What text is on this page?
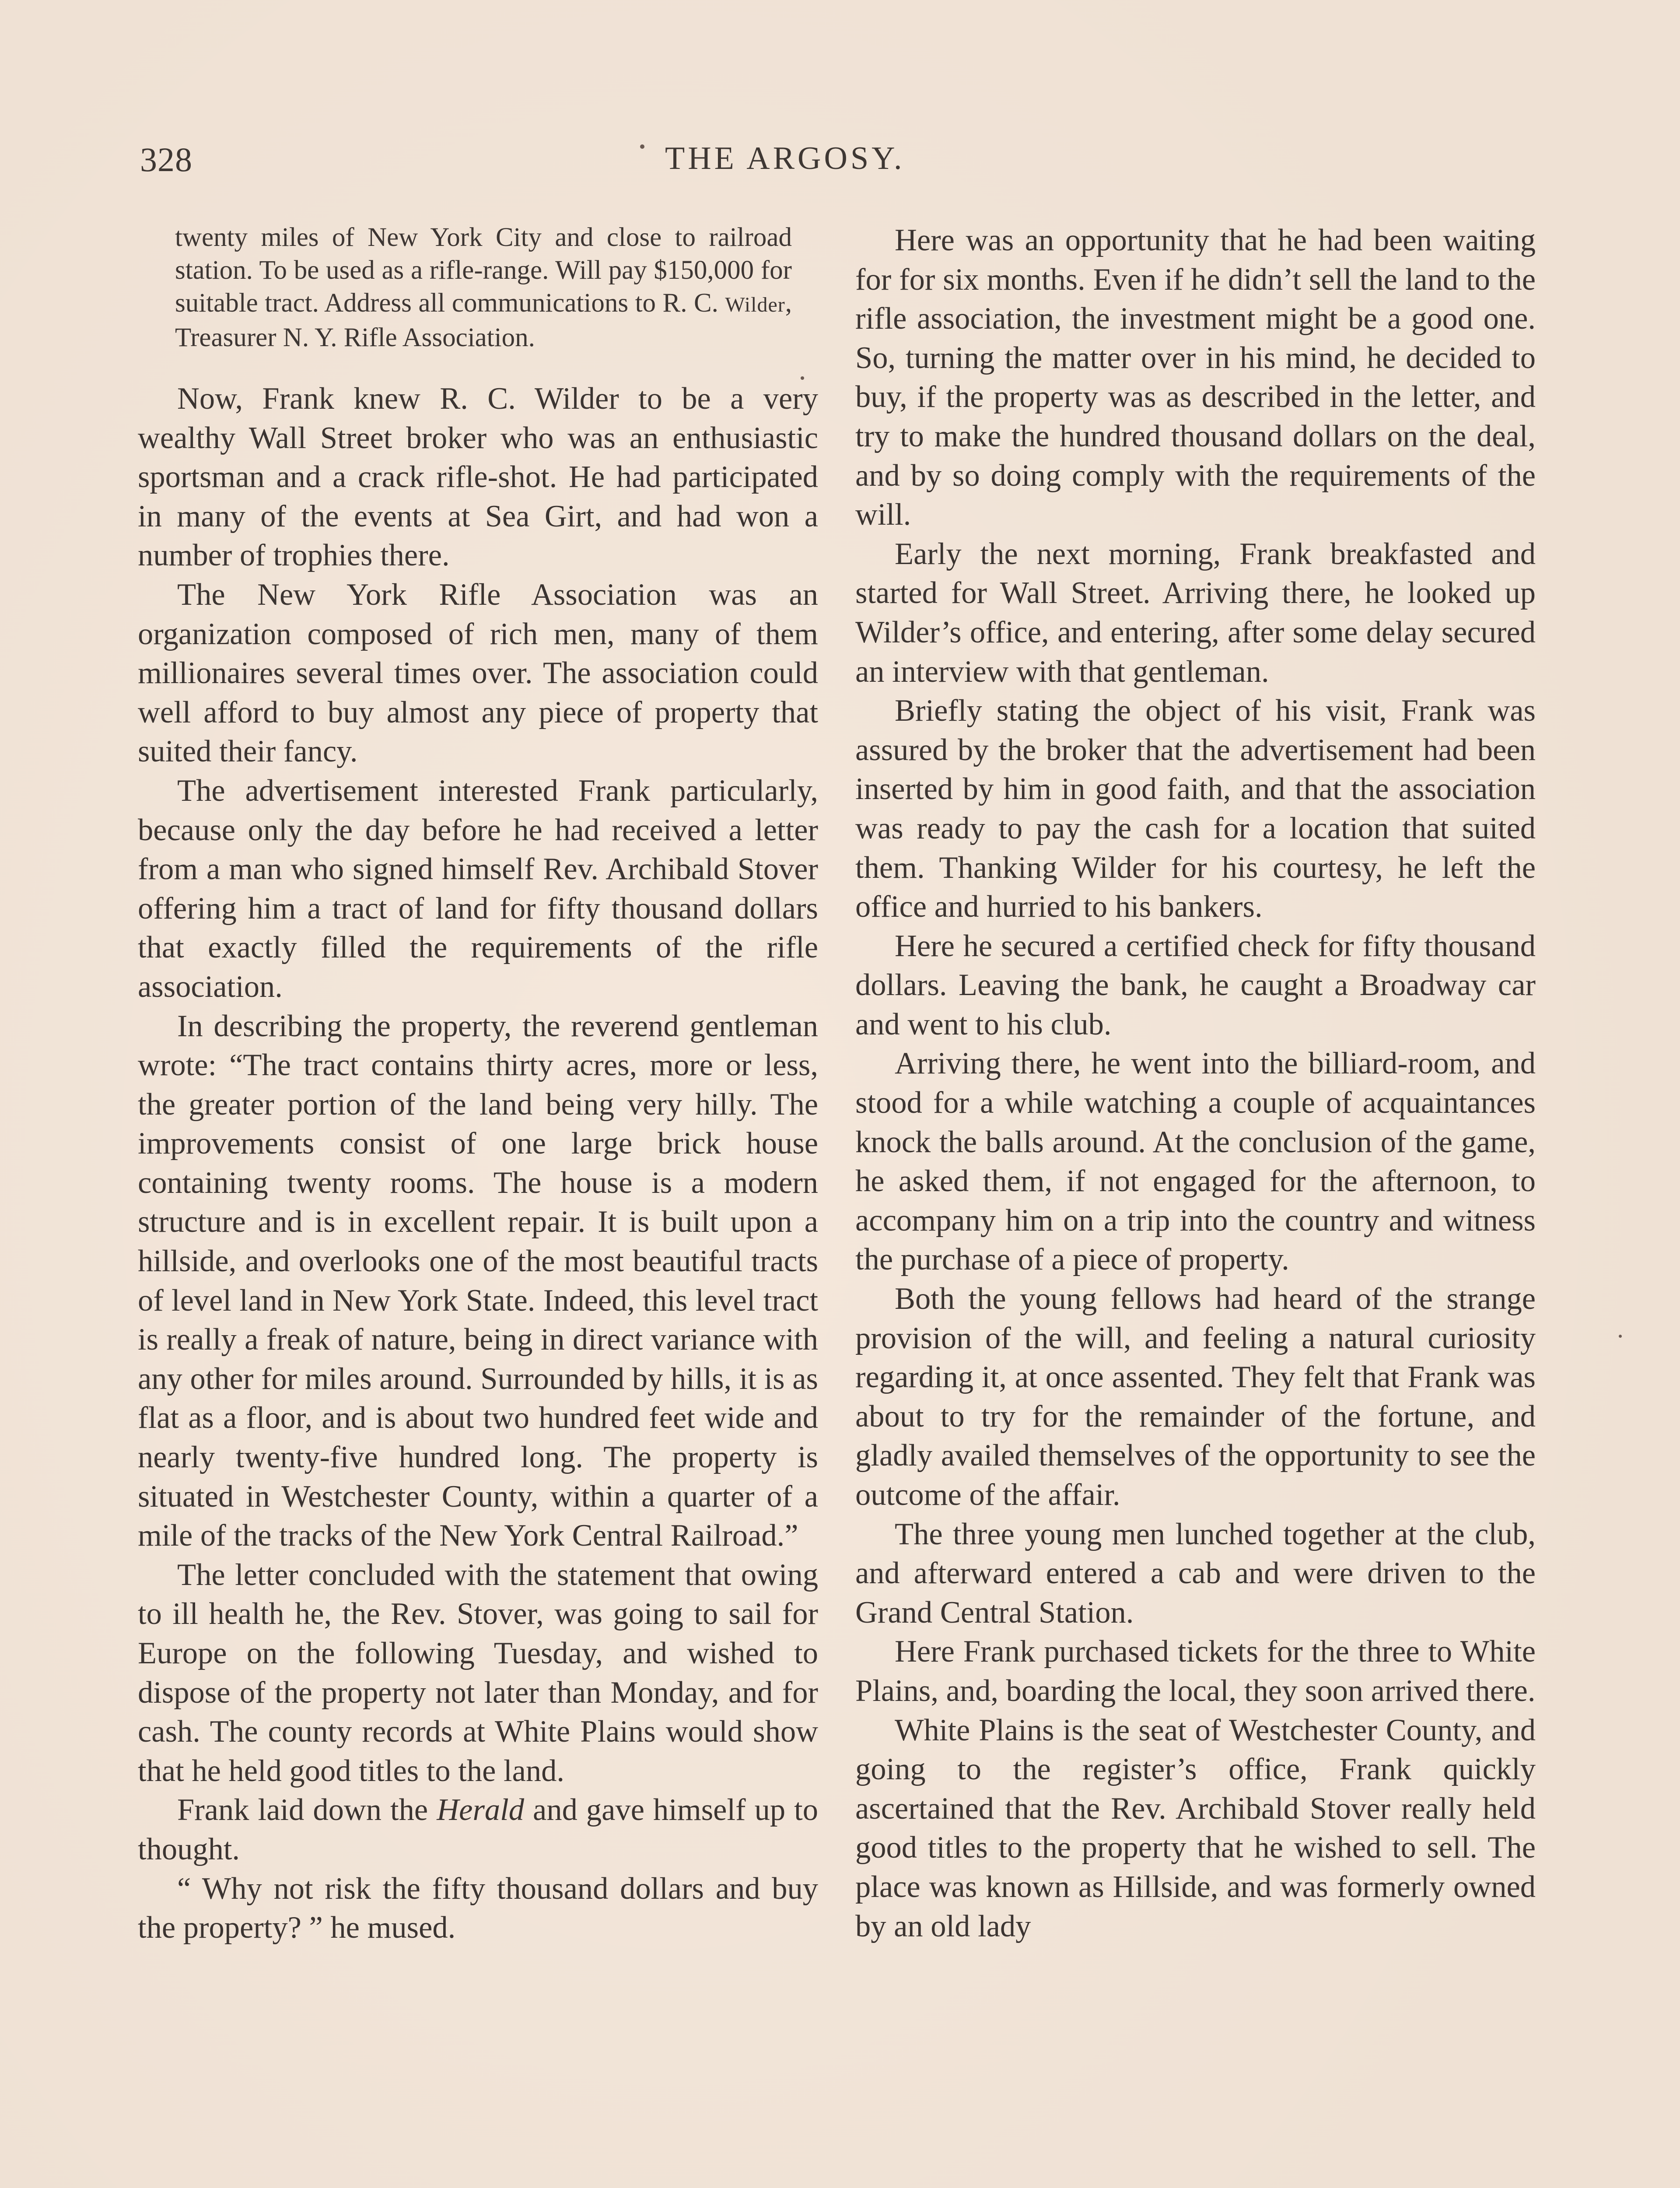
328	THE ARGOSY.

twenty miles of New York City and close to railroad station. To be used as a rifle-range. Will pay $150,000 for suitable tract. Address all communications to R. C. Wilder, Treasurer N. Y. Rifle Association.

Now, Frank knew R. C. Wilder to be a very wealthy Wall Street broker who was an enthusiastic sportsman and a crack rifle-shot. He had participated in many of the events at Sea Girt, and had won a number of trophies there.

The New York Rifle Association was an organization composed of rich men, many of them millionaires several times over. The association could well afford to buy almost any piece of property that suited their fancy.

The advertisement interested Frank particularly, because only the day before he had received a letter from a man who signed himself Rev. Archibald Stover offering him a tract of land for fifty thousand dollars that exactly filled the requirements of the rifle association.

In describing the property, the reverend gentleman wrote: “The tract contains thirty acres, more or less, the greater portion of the land being very hilly. The improvements consist of one large brick house containing twenty rooms. The house is a modern structure and is in excellent repair. It is built upon a hillside, and overlooks one of the most beautiful tracts of level land in New York State. Indeed, this level tract is really a freak of nature, being in direct variance with any other for miles around. Surrounded by hills, it is as flat as a floor, and is about two hundred feet wide and nearly twenty-five hundred long. The property is situated in Westchester County, within a quarter of a mile of the tracks of the New York Central Railroad.”

The letter concluded with the statement that owing to ill health he, the Rev. Stover, was going to sail for Europe on the following Tuesday, and wished to dispose of the property not later than Monday, and for cash. The county records at White Plains would show that he held good titles to the land.

Frank laid down the Herald and gave himself up to thought.

“ Why not risk the fifty thousand dollars and buy the property? ” he mused.

Here was an opportunity that he had been waiting for for six months. Even if he didn’t sell the land to the rifle association, the investment might be a good one. So, turning the matter over in his mind, he decided to buy, if the property was as described in the letter, and try to make the hundred thousand dollars on the deal, and by so doing comply with the requirements of the will.

Early the next morning, Frank breakfasted and started for Wall Street. Arriving there, he looked up Wilder’s office, and entering, after some delay secured an interview with that gentleman.

Briefly stating the object of his visit, Frank was assured by the broker that the advertisement had been inserted by him in good faith, and that the association was ready to pay the cash for a location that suited them. Thanking Wilder for his courtesy, he left the office and hurried to his bankers.

Here he secured a certified check for fifty thousand dollars. Leaving the bank, he caught a Broadway car and went to his club.

Arriving there, he went into the billiard-room, and stood for a while watching a couple of acquaintances knock the balls around. At the conclusion of the game, he asked them, if not engaged for the afternoon, to accompany him on a trip into the country and witness the purchase of a piece of property.

Both the young fellows had heard of the strange provision of the will, and feeling a natural curiosity regarding it, at once assented. They felt that Frank was about to try for the remainder of the fortune, and gladly availed themselves of the opportunity to see the outcome of the affair.

The three young men lunched together at the club, and afterward entered a cab and were driven to the Grand Central Station.

Here Frank purchased tickets for the three to White Plains, and, boarding the local, they soon arrived there.

White Plains is the seat of Westchester County, and going to the register’s office, Frank quickly ascertained that the Rev. Archibald Stover really held good titles to the property that he wished to sell. The place was known as Hillside, and was formerly owned by an old lady
